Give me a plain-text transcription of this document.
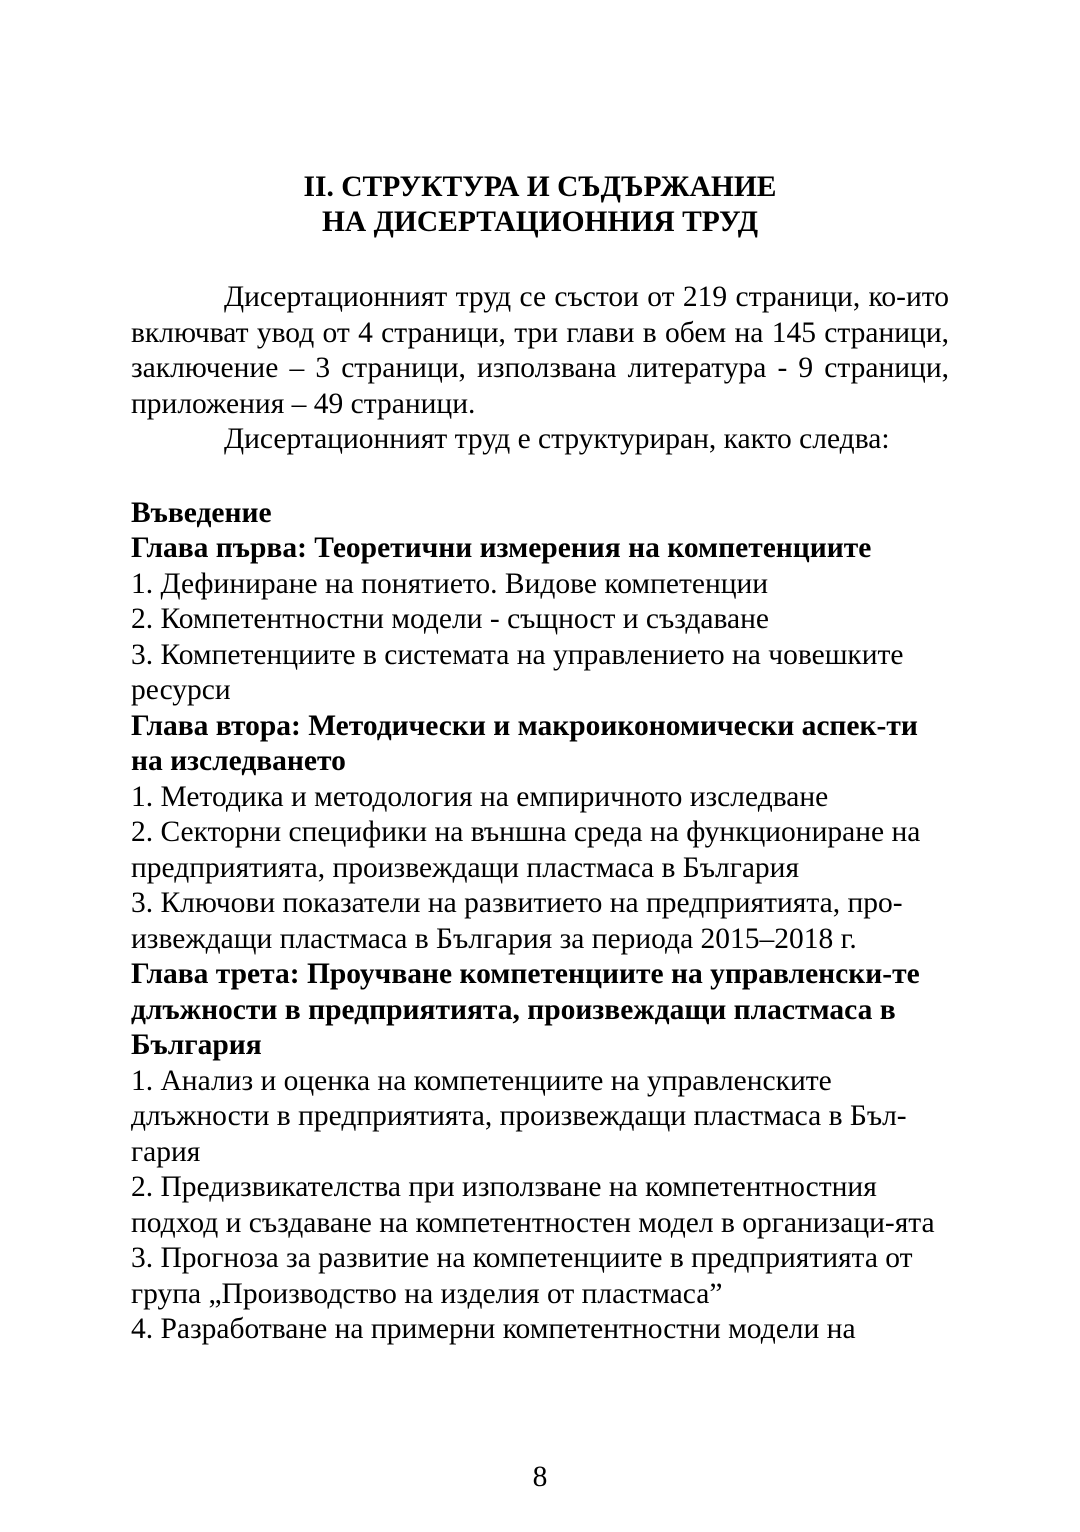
II. СТРУКТУРА И СЪДЪРЖАНИЕ
НА ДИСЕРТАЦИОННИЯ ТРУД

Дисертационният труд се състои от 219 страници, ко-ито включват увод от 4 страници, три глави в обем на 145 страници, заключение – 3 страници, използвана литература - 9 страници, приложения – 49 страници.

Дисертационният труд е структуриран, както следва:

Въведение
Глава първа: Теоретични измерения на компетенциите
1. Дефиниране на понятието. Видове компетенции
2. Компетентностни модели - същност и създаване
3. Компетенциите в системата на управлението на човешките ресурси
Глава втора: Методически и макроикономически аспек-ти на изследването
1. Методика и методология на емпиричното изследване
2. Секторни специфики на външна среда на функциониране на предприятията, произвеждащи пластмаса в България
3. Ключови показатели на развитието на предприятията, про-извеждащи пластмаса в България за периода 2015–2018 г.
Глава трета: Проучване компетенциите на управленски-те длъжности в предприятията, произвеждащи пластмаса в България
1. Анализ и оценка на компетенциите на управленските длъжности в предприятията, произвеждащи пластмаса в Бъл-гария
2. Предизвикателства при използване на компетентностния подход и създаване на компетентностен модел в организаци-ята
3. Прогноза за развитие на компетенциите в предприятията от група „Производство на изделия от пластмаса”
4. Разработване на примерни компетентностни модели на
8
